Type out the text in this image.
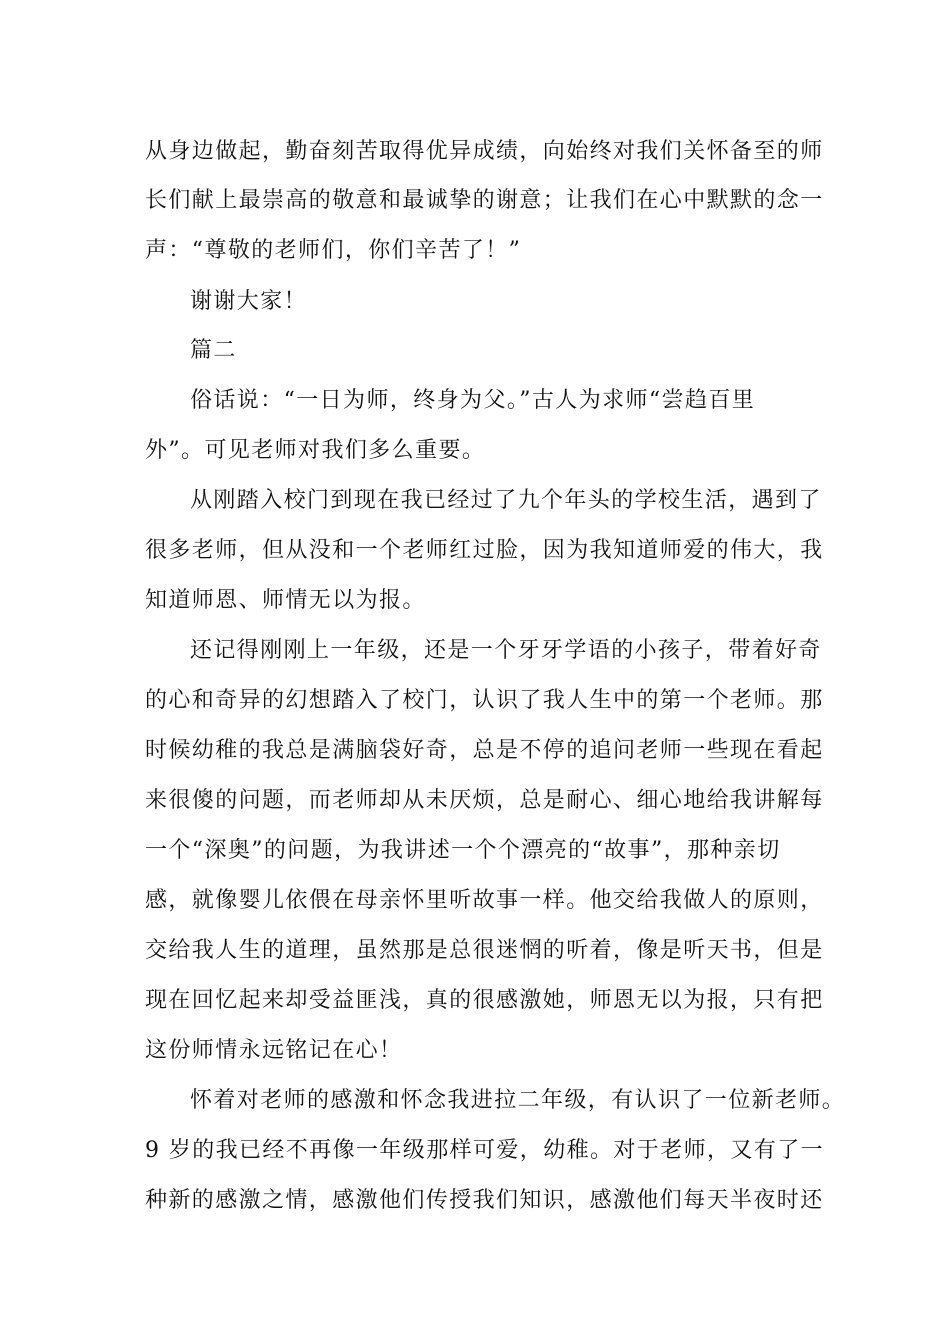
从身边做起，勤奋刻苦取得优异成绩，向始终对我们关怀备至的师
长们献上最崇高的敬意和最诚挚的谢意；让我们在心中默默的念一
声：“尊敬的老师们，你们辛苦了！”
谢谢大家！
篇二
俗话说：“一日为师，终身为父。”古人为求师“尝趋百里
外”。可见老师对我们多么重要。
从刚踏入校门到现在我已经过了九个年头的学校生活，遇到了
很多老师，但从没和一个老师红过脸，因为我知道师爱的伟大，我
知道师恩、师情无以为报。
还记得刚刚上一年级，还是一个牙牙学语的小孩子，带着好奇
的心和奇异的幻想踏入了校门，认识了我人生中的第一个老师。那
时候幼稚的我总是满脑袋好奇，总是不停的追问老师一些现在看起
来很傻的问题，而老师却从未厌烦，总是耐心、细心地给我讲解每
一个“深奥”的问题，为我讲述一个个漂亮的“故事”，那种亲切
感，就像婴儿依偎在母亲怀里听故事一样。他交给我做人的原则，
交给我人生的道理，虽然那是总很迷惘的听着，像是听天书，但是
现在回忆起来却受益匪浅，真的很感激她，师恩无以为报，只有把
这份师情永远铭记在心！
怀着对老师的感激和怀念我进拉二年级，有认识了一位新老师。
9 岁的我已经不再像一年级那样可爱，幼稚。对于老师，又有了一
种新的感激之情，感激他们传授我们知识，感激他们每天半夜时还
